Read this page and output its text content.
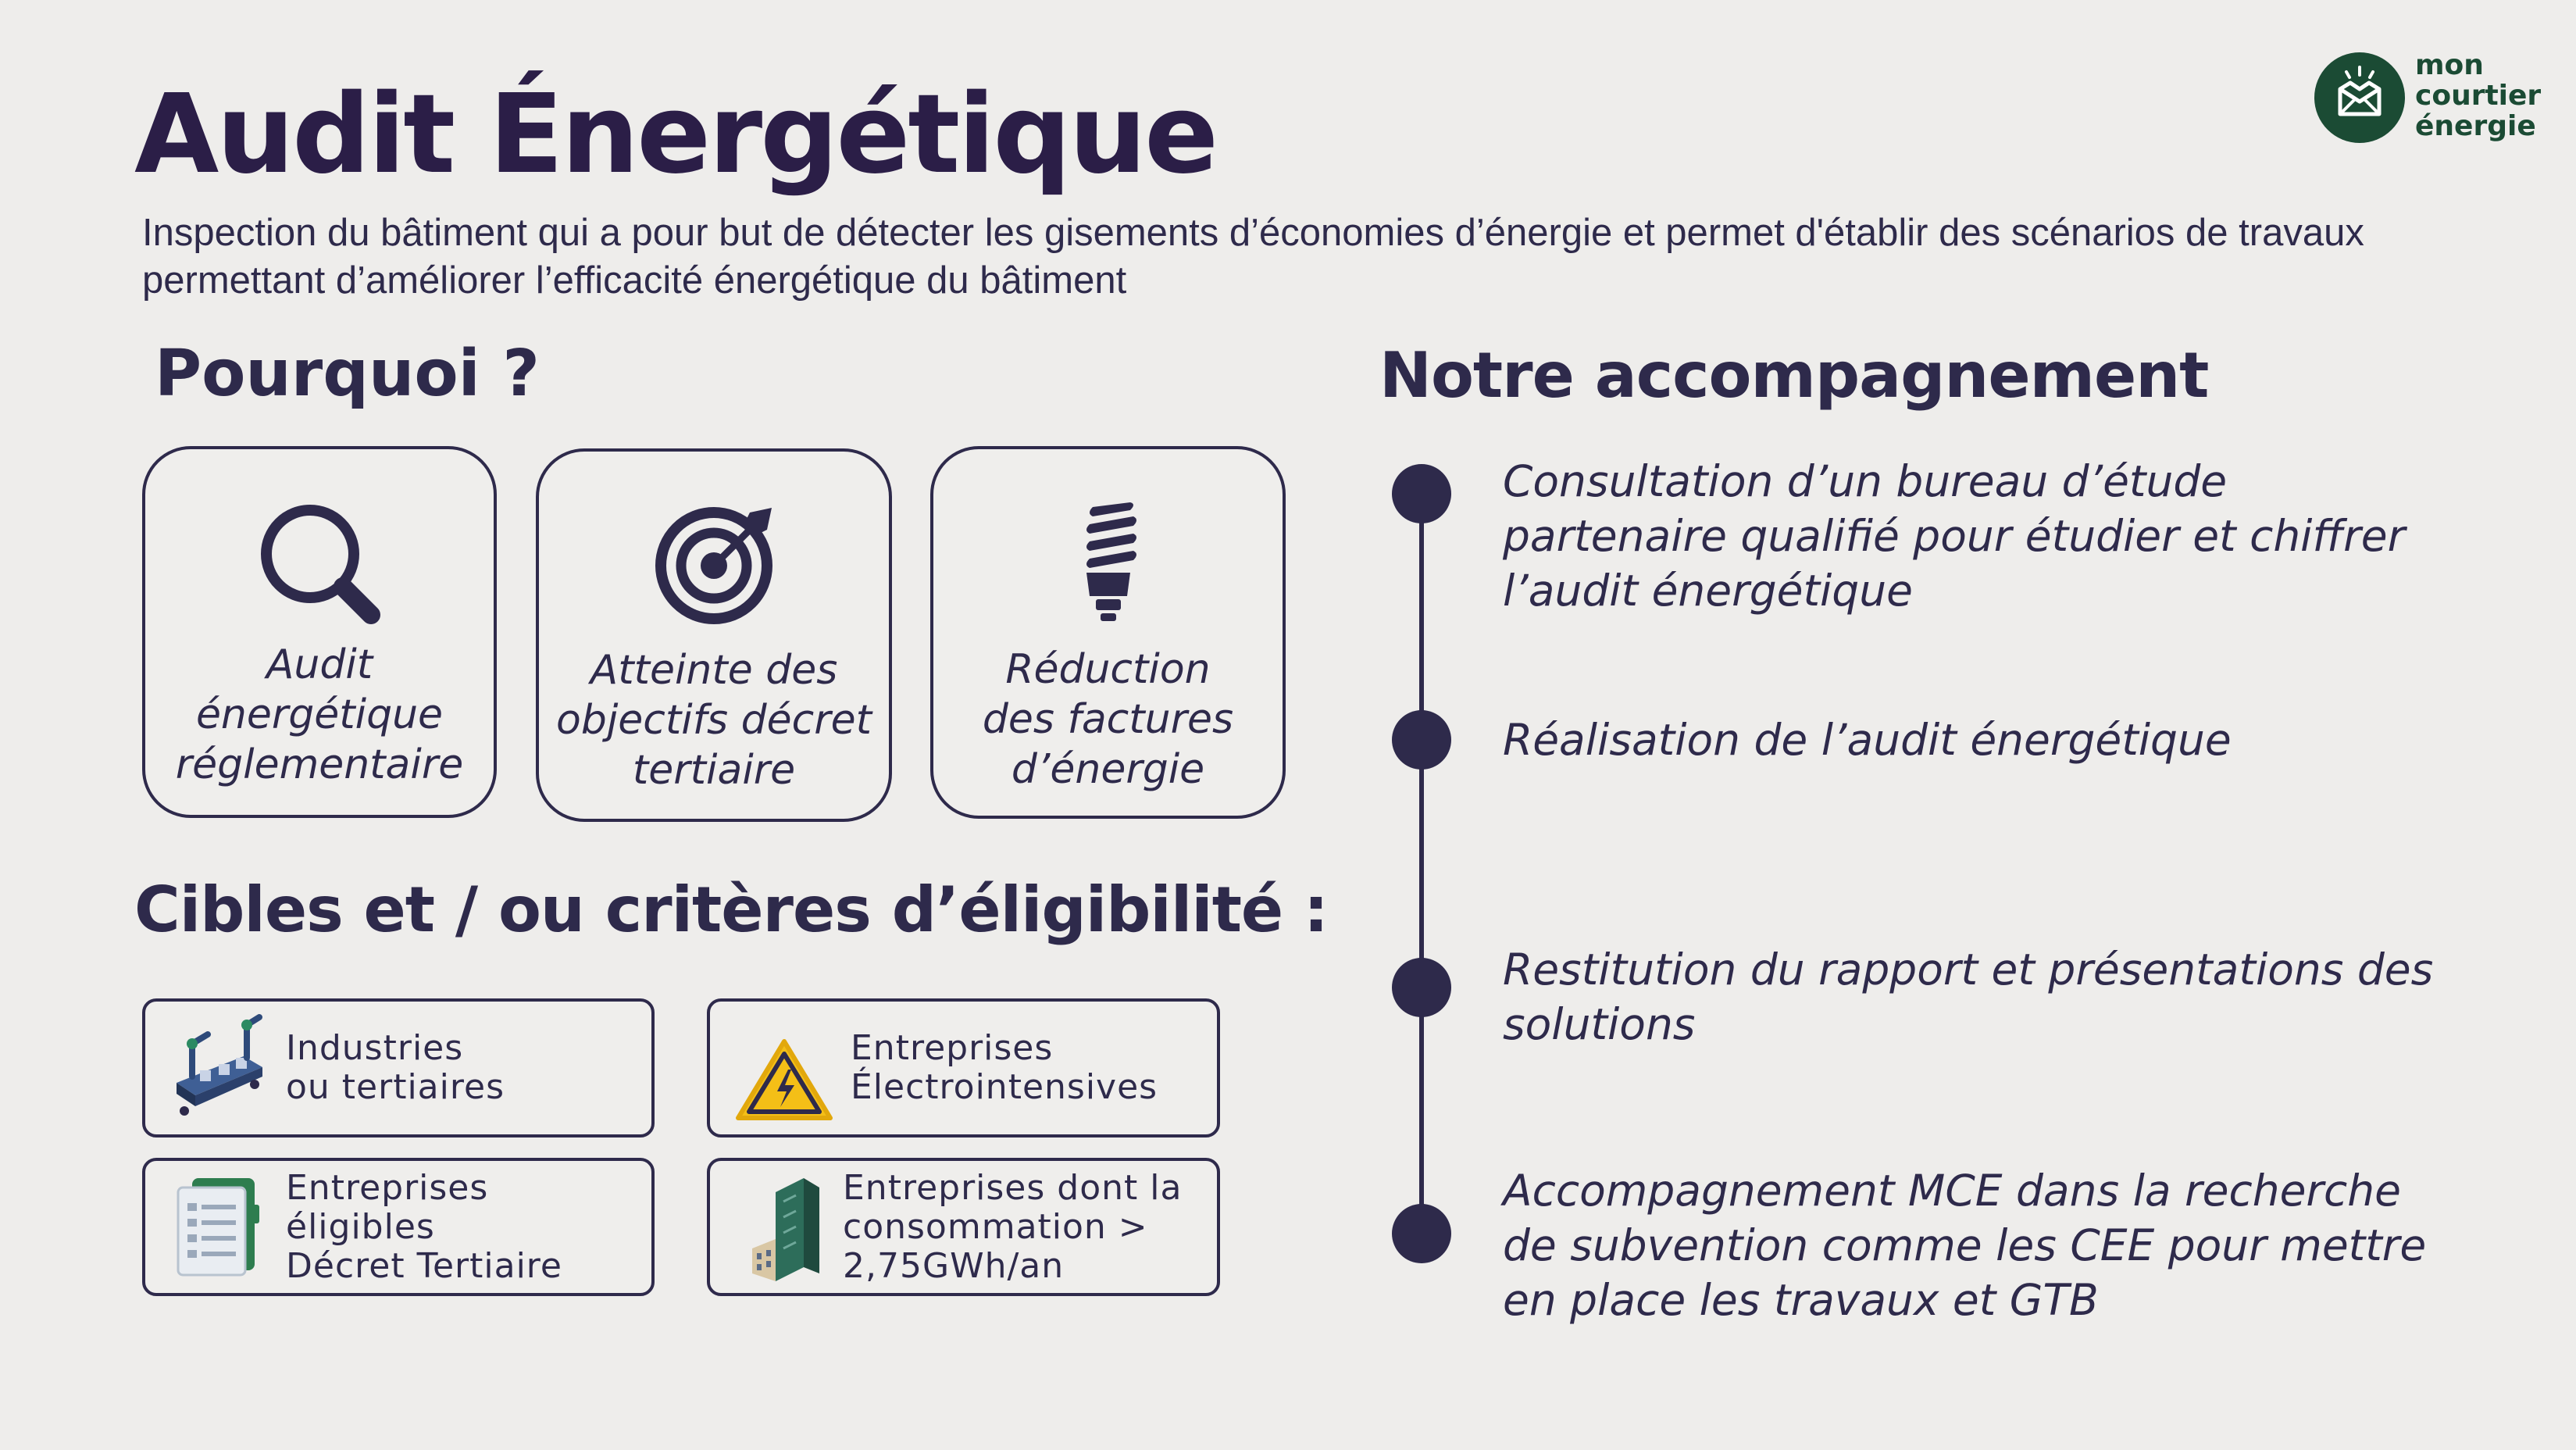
Audit Énergétique

Inspection du bâtiment qui a pour but de détecter les gisements d’économies d’énergie et permet d'établir des scénarios de travaux permettant d’améliorer l’efficacité énergétique du bâtiment

mon
courtier
énergie
Pourquoi ?
Audit
énergétique
réglementaire
Atteinte des
objectifs décret
tertiaire
Réduction
des factures
d’énergie
Cibles et / ou critères d’éligibilité :
Industries
ou tertiaires
Entreprises
Électrointensives
Entreprises éligibles
Décret Tertiaire
Entreprises dont la
consommation >
2,75GWh/an
Notre accompagnement
Consultation d’un bureau d’étude
partenaire qualifié pour étudier et chiffrer
l’audit énergétique
Réalisation de l’audit énergétique
Restitution du rapport et présentations des
solutions
Accompagnement MCE dans la recherche
de subvention comme les CEE pour mettre
en place les travaux et GTB
